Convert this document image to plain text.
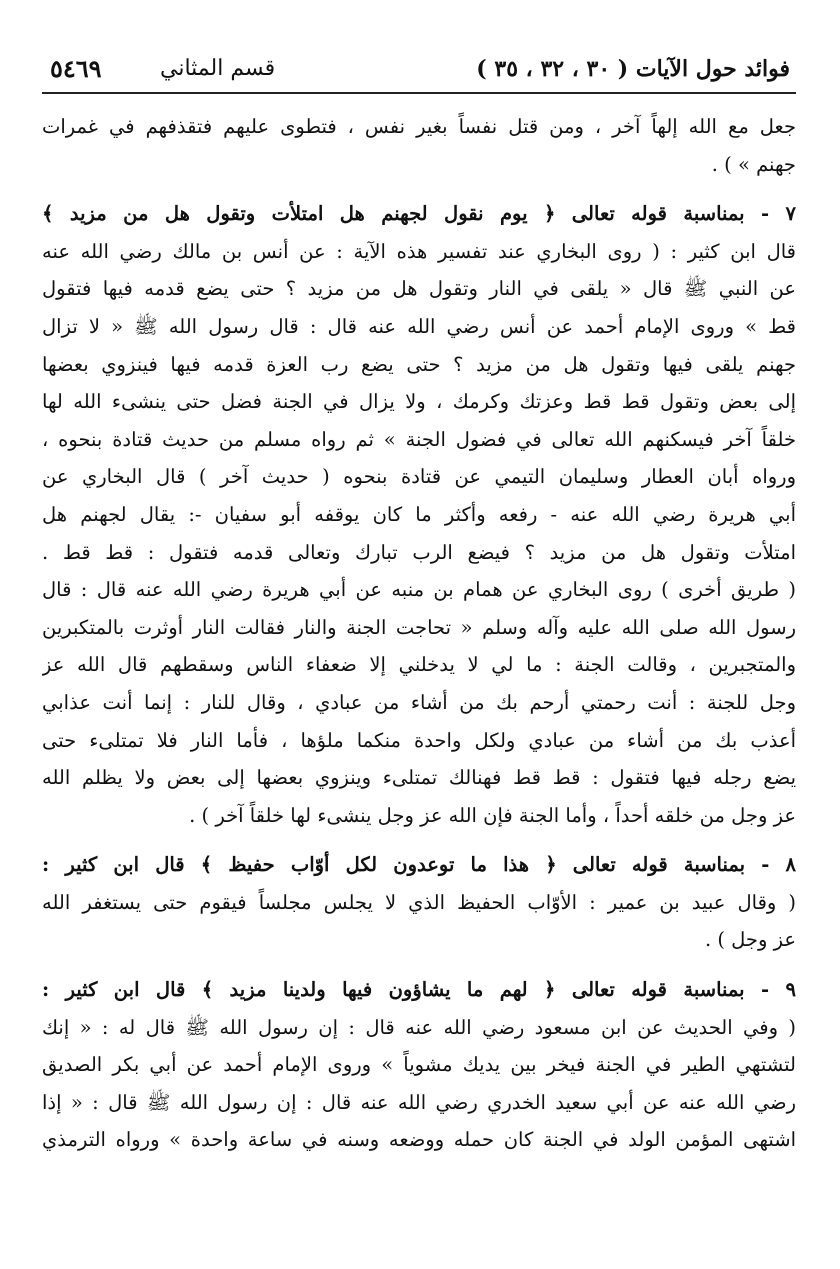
فوائد حول الآيات ( ٣٠ ، ٣٢ ، ٣٥ )
قسم المثاني
٥٤٦٩
جعل مع الله إلهاً آخر ، ومن قتل نفساً بغير نفس ، فتطوى عليهم فتقذفهم في غمرات
جهنم » ) .
٧ - بمناسبة قوله تعالى ﴿ يوم نقول لجهنم هل امتلأت وتقول هل من مزيد ﴾
قال ابن كثير : ( روى البخاري عند تفسير هذه الآية : عن أنس بن مالك رضي الله عنه
عن النبي ﷺ قال « يلقى في النار وتقول هل من مزيد ؟ حتى يضع قدمه فيها فتقول
قط » وروى الإمام أحمد عن أنس رضي الله عنه قال : قال رسول الله ﷺ « لا تزال
جهنم يلقى فيها وتقول هل من مزيد ؟ حتى يضع رب العزة قدمه فيها فينزوي بعضها
إلى بعض وتقول قط قط وعزتك وكرمك ، ولا يزال في الجنة فضل حتى ينشىء الله لها
خلقاً آخر فيسكنهم الله تعالى في فضول الجنة » ثم رواه مسلم من حديث قتادة بنحوه ،
ورواه أبان العطار وسليمان التيمي عن قتادة بنحوه ( حديث آخر ) قال البخاري عن
أبي هريرة رضي الله عنه - رفعه وأكثر ما كان يوقفه أبو سفيان -: يقال لجهنم هل
امتلأت وتقول هل من مزيد ؟ فيضع الرب تبارك وتعالى قدمه فتقول : قط قط .
( طريق أخرى ) روى البخاري عن همام بن منبه عن أبي هريرة رضي الله عنه قال : قال
رسول الله صلى الله عليه وآله وسلم « تحاجت الجنة والنار فقالت النار أوثرت بالمتكبرين
والمتجبرين ، وقالت الجنة : ما لي لا يدخلني إلا ضعفاء الناس وسقطهم قال الله عز
وجل للجنة : أنت رحمتي أرحم بك من أشاء من عبادي ، وقال للنار : إنما أنت عذابي
أعذب بك من أشاء من عبادي ولكل واحدة منكما ملؤها ، فأما النار فلا تمتلىء حتى
يضع رجله فيها فتقول : قط قط فهنالك تمتلىء وينزوي بعضها إلى بعض ولا يظلم الله
عز وجل من خلقه أحداً ، وأما الجنة فإن الله عز وجل ينشىء لها خلقاً آخر ) .
٨ - بمناسبة قوله تعالى ﴿ هذا ما توعدون لكل أوّاب حفيظ ﴾ قال ابن كثير :
( وقال عبيد بن عمير : الأوّاب الحفيظ الذي لا يجلس مجلساً فيقوم حتى يستغفر الله
عز وجل ) .
٩ - بمناسبة قوله تعالى ﴿ لهم ما يشاؤون فيها ولدينا مزيد ﴾ قال ابن كثير :
( وفي الحديث عن ابن مسعود رضي الله عنه قال : إن رسول الله ﷺ قال له : « إنك
لتشتهي الطير في الجنة فيخر بين يديك مشوياً » وروى الإمام أحمد عن أبي بكر الصديق
رضي الله عنه عن أبي سعيد الخدري رضي الله عنه قال : إن رسول الله ﷺ قال : « إذا
اشتهى المؤمن الولد في الجنة كان حمله ووضعه وسنه في ساعة واحدة » ورواه الترمذي
